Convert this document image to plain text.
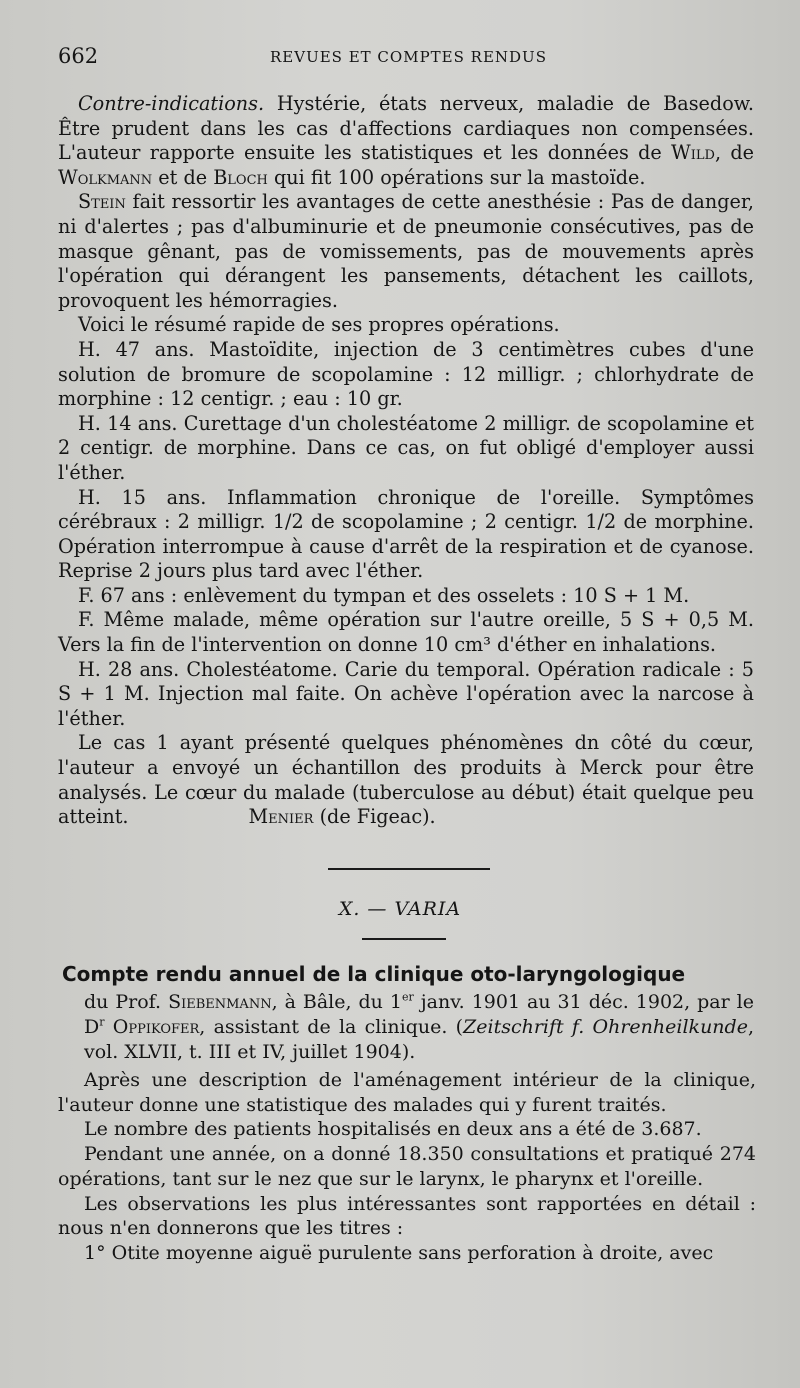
662	REVUES ET COMPTES RENDUS

Contre-indications. Hystérie, états nerveux, maladie de Basedow. Être prudent dans les cas d'affections cardiaques non compensées. L'auteur rapporte ensuite les statistiques et les données de Wild, de Wolkmann et de Bloch qui fit 100 opérations sur la mastoïde.

Stein fait ressortir les avantages de cette anesthésie : Pas de danger, ni d'alertes ; pas d'albuminurie et de pneumonie consécutives, pas de masque gênant, pas de vomissements, pas de mouvements après l'opération qui dérangent les pansements, détachent les caillots, provoquent les hémorragies.

Voici le résumé rapide de ses propres opérations.

H. 47 ans. Mastoïdite, injection de 3 centimètres cubes d'une solution de bromure de scopolamine : 12 milligr. ; chlorhydrate de morphine : 12 centigr. ; eau : 10 gr.

H. 14 ans. Curettage d'un cholestéatome 2 milligr. de scopolamine et 2 centigr. de morphine. Dans ce cas, on fut obligé d'employer aussi l'éther.

H. 15 ans. Inflammation chronique de l'oreille. Symptômes cérébraux : 2 milligr. 1/2 de scopolamine ; 2 centigr. 1/2 de morphine. Opération interrompue à cause d'arrêt de la respiration et de cyanose. Reprise 2 jours plus tard avec l'éther.

F. 67 ans : enlèvement du tympan et des osselets : 10 S + 1 M.

F. Même malade, même opération sur l'autre oreille, 5 S + 0,5 M. Vers la fin de l'intervention on donne 10 cm³ d'éther en inhalations.

H. 28 ans. Cholestéatome. Carie du temporal. Opération radicale : 5 S + 1 M. Injection mal faite. On achève l'opération avec la narcose à l'éther.

Le cas 1 ayant présenté quelques phénomènes dn côté du cœur, l'auteur a envoyé un échantillon des produits à Merck pour être analysés. Le cœur du malade (tuberculose au début) était quelque peu atteint.	Menier (de Figeac).

X. — VARIA
Compte rendu annuel de la clinique oto-laryngologique
du Prof. Siebenmann, à Bâle, du 1er janv. 1901 au 31 déc. 1902, par le $D^r$ Oppikofer, assistant de la clinique. (Zeitschrift f. Ohrenheilkunde, vol. XLVII, t. III et IV, juillet 1904).

Après une description de l'aménagement intérieur de la clinique, l'auteur donne une statistique des malades qui y furent traités.

Le nombre des patients hospitalisés en deux ans a été de 3.687.

Pendant une année, on a donné 18.350 consultations et pratiqué 274 opérations, tant sur le nez que sur le larynx, le pharynx et l'oreille.

Les observations les plus intéressantes sont rapportées en détail : nous n'en donnerons que les titres :

1° Otite moyenne aiguë purulente sans perforation à droite, avec
